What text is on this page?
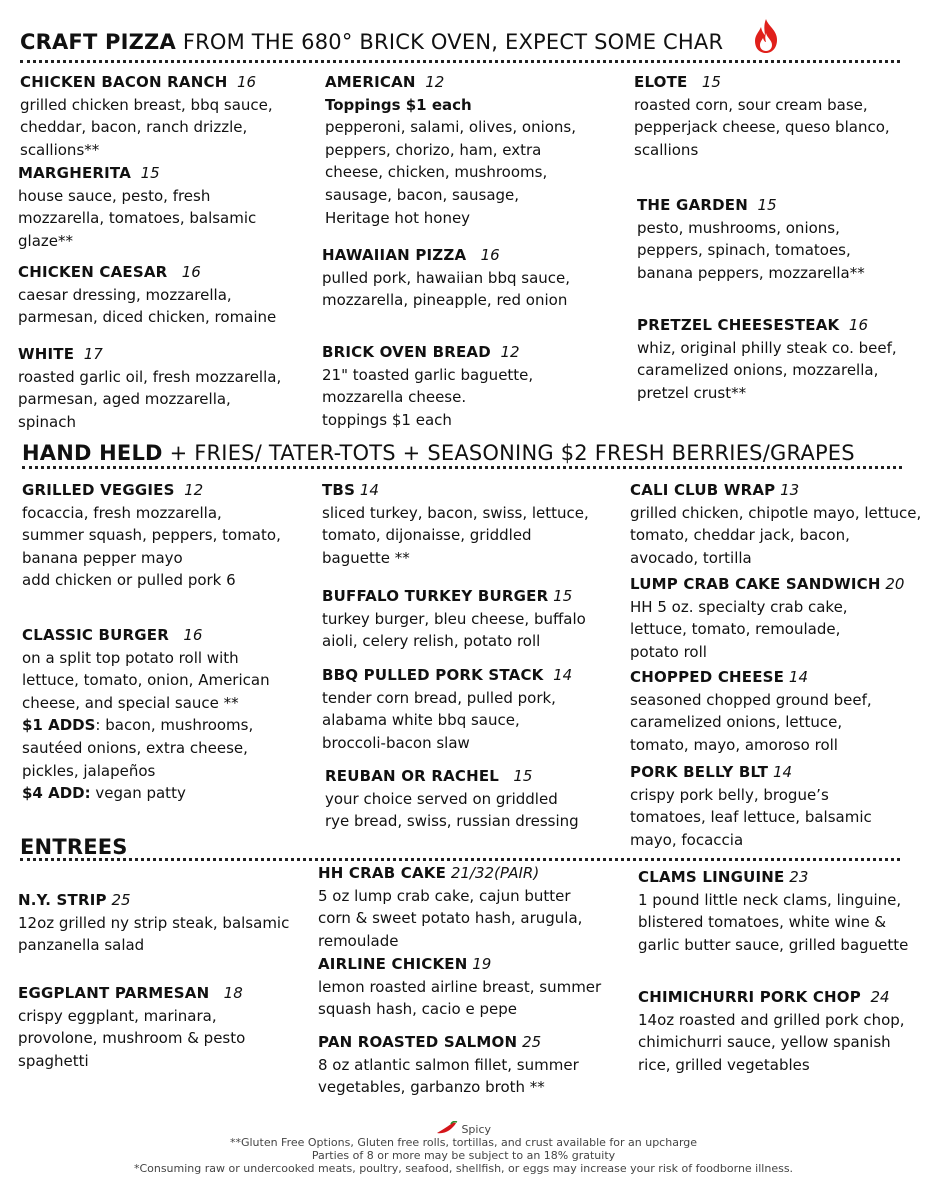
CRAFT PIZZA FROM THE 680° BRICK OVEN, EXPECT SOME CHAR
HAND HELD + FRIES/ TATER-TOTS + SEASONING $2 FRESH BERRIES/GRAPES
ENTREES
CHICKEN BACON RANCH 16
grilled chicken breast, bbq sauce,
cheddar, bacon, ranch drizzle,
scallions**
MARGHERITA 15
house sauce, pesto, fresh
mozzarella, tomatoes, balsamic
glaze**
CHICKEN CAESAR 16
caesar dressing, mozzarella,
parmesan, diced chicken, romaine
WHITE 17
roasted garlic oil, fresh mozzarella,
parmesan, aged mozzarella,
spinach
AMERICAN 12
Toppings $1 each
pepperoni, salami, olives, onions,
peppers, chorizo, ham, extra
cheese, chicken, mushrooms,
sausage, bacon, sausage,
Heritage hot honey
HAWAIIAN PIZZA 16
pulled pork, hawaiian bbq sauce,
mozzarella, pineapple, red onion
BRICK OVEN BREAD 12
21" toasted garlic baguette,
mozzarella cheese.
toppings $1 each
ELOTE 15
roasted corn, sour cream base,
pepperjack cheese, queso blanco,
scallions
THE GARDEN 15
pesto, mushrooms, onions,
peppers, spinach, tomatoes,
banana peppers, mozzarella**
PRETZEL CHEESESTEAK 16
whiz, original philly steak co. beef,
caramelized onions, mozzarella,
pretzel crust**
GRILLED VEGGIES 12
focaccia, fresh mozzarella,
summer squash, peppers, tomato,
banana pepper mayo
add chicken or pulled pork 6
CLASSIC BURGER 16
on a split top potato roll with
lettuce, tomato, onion, American
cheese, and special sauce **
$1 ADDS: bacon, mushrooms,
sautéed onions, extra cheese,
pickles, jalapeños
$4 ADD: vegan patty
TBS 14
sliced turkey, bacon, swiss, lettuce,
tomato, dijonaisse, griddled
baguette **
BUFFALO TURKEY BURGER 15
turkey burger, bleu cheese, buffalo
aioli, celery relish, potato roll
BBQ PULLED PORK STACK 14
tender corn bread, pulled pork,
alabama white bbq sauce,
broccoli-bacon slaw
REUBAN OR RACHEL 15
your choice served on griddled
rye bread, swiss, russian dressing
CALI CLUB WRAP 13
grilled chicken, chipotle mayo, lettuce,
tomato, cheddar jack, bacon,
avocado, tortilla
LUMP CRAB CAKE SANDWICH 20
HH 5 oz. specialty crab cake,
lettuce, tomato, remoulade,
potato roll
CHOPPED CHEESE 14
seasoned chopped ground beef,
caramelized onions, lettuce,
tomato, mayo, amoroso roll
PORK BELLY BLT 14
crispy pork belly, brogue’s
tomatoes, leaf lettuce, balsamic
mayo, focaccia
N.Y. STRIP 25
12oz grilled ny strip steak, balsamic
panzanella salad
EGGPLANT PARMESAN 18
crispy eggplant, marinara,
provolone, mushroom & pesto
spaghetti
HH CRAB CAKE 21/32(PAIR)
5 oz lump crab cake, cajun butter
corn & sweet potato hash, arugula,
remoulade
AIRLINE CHICKEN 19
lemon roasted airline breast, summer
squash hash, cacio e pepe
PAN ROASTED SALMON 25
8 oz atlantic salmon fillet, summer
vegetables, garbanzo broth **
CLAMS LINGUINE 23
1 pound little neck clams, linguine,
blistered tomatoes, white wine &
garlic butter sauce, grilled baguette
CHIMICHURRI PORK CHOP 24
14oz roasted and grilled pork chop,
chimichurri sauce, yellow spanish
rice, grilled vegetables
Spicy
**Gluten Free Options, Gluten free rolls, tortillas, and crust available for an upcharge
Parties of 8 or more may be subject to an 18% gratuity
*Consuming raw or undercooked meats, poultry, seafood, shellfish, or eggs may increase your risk of foodborne illness.
